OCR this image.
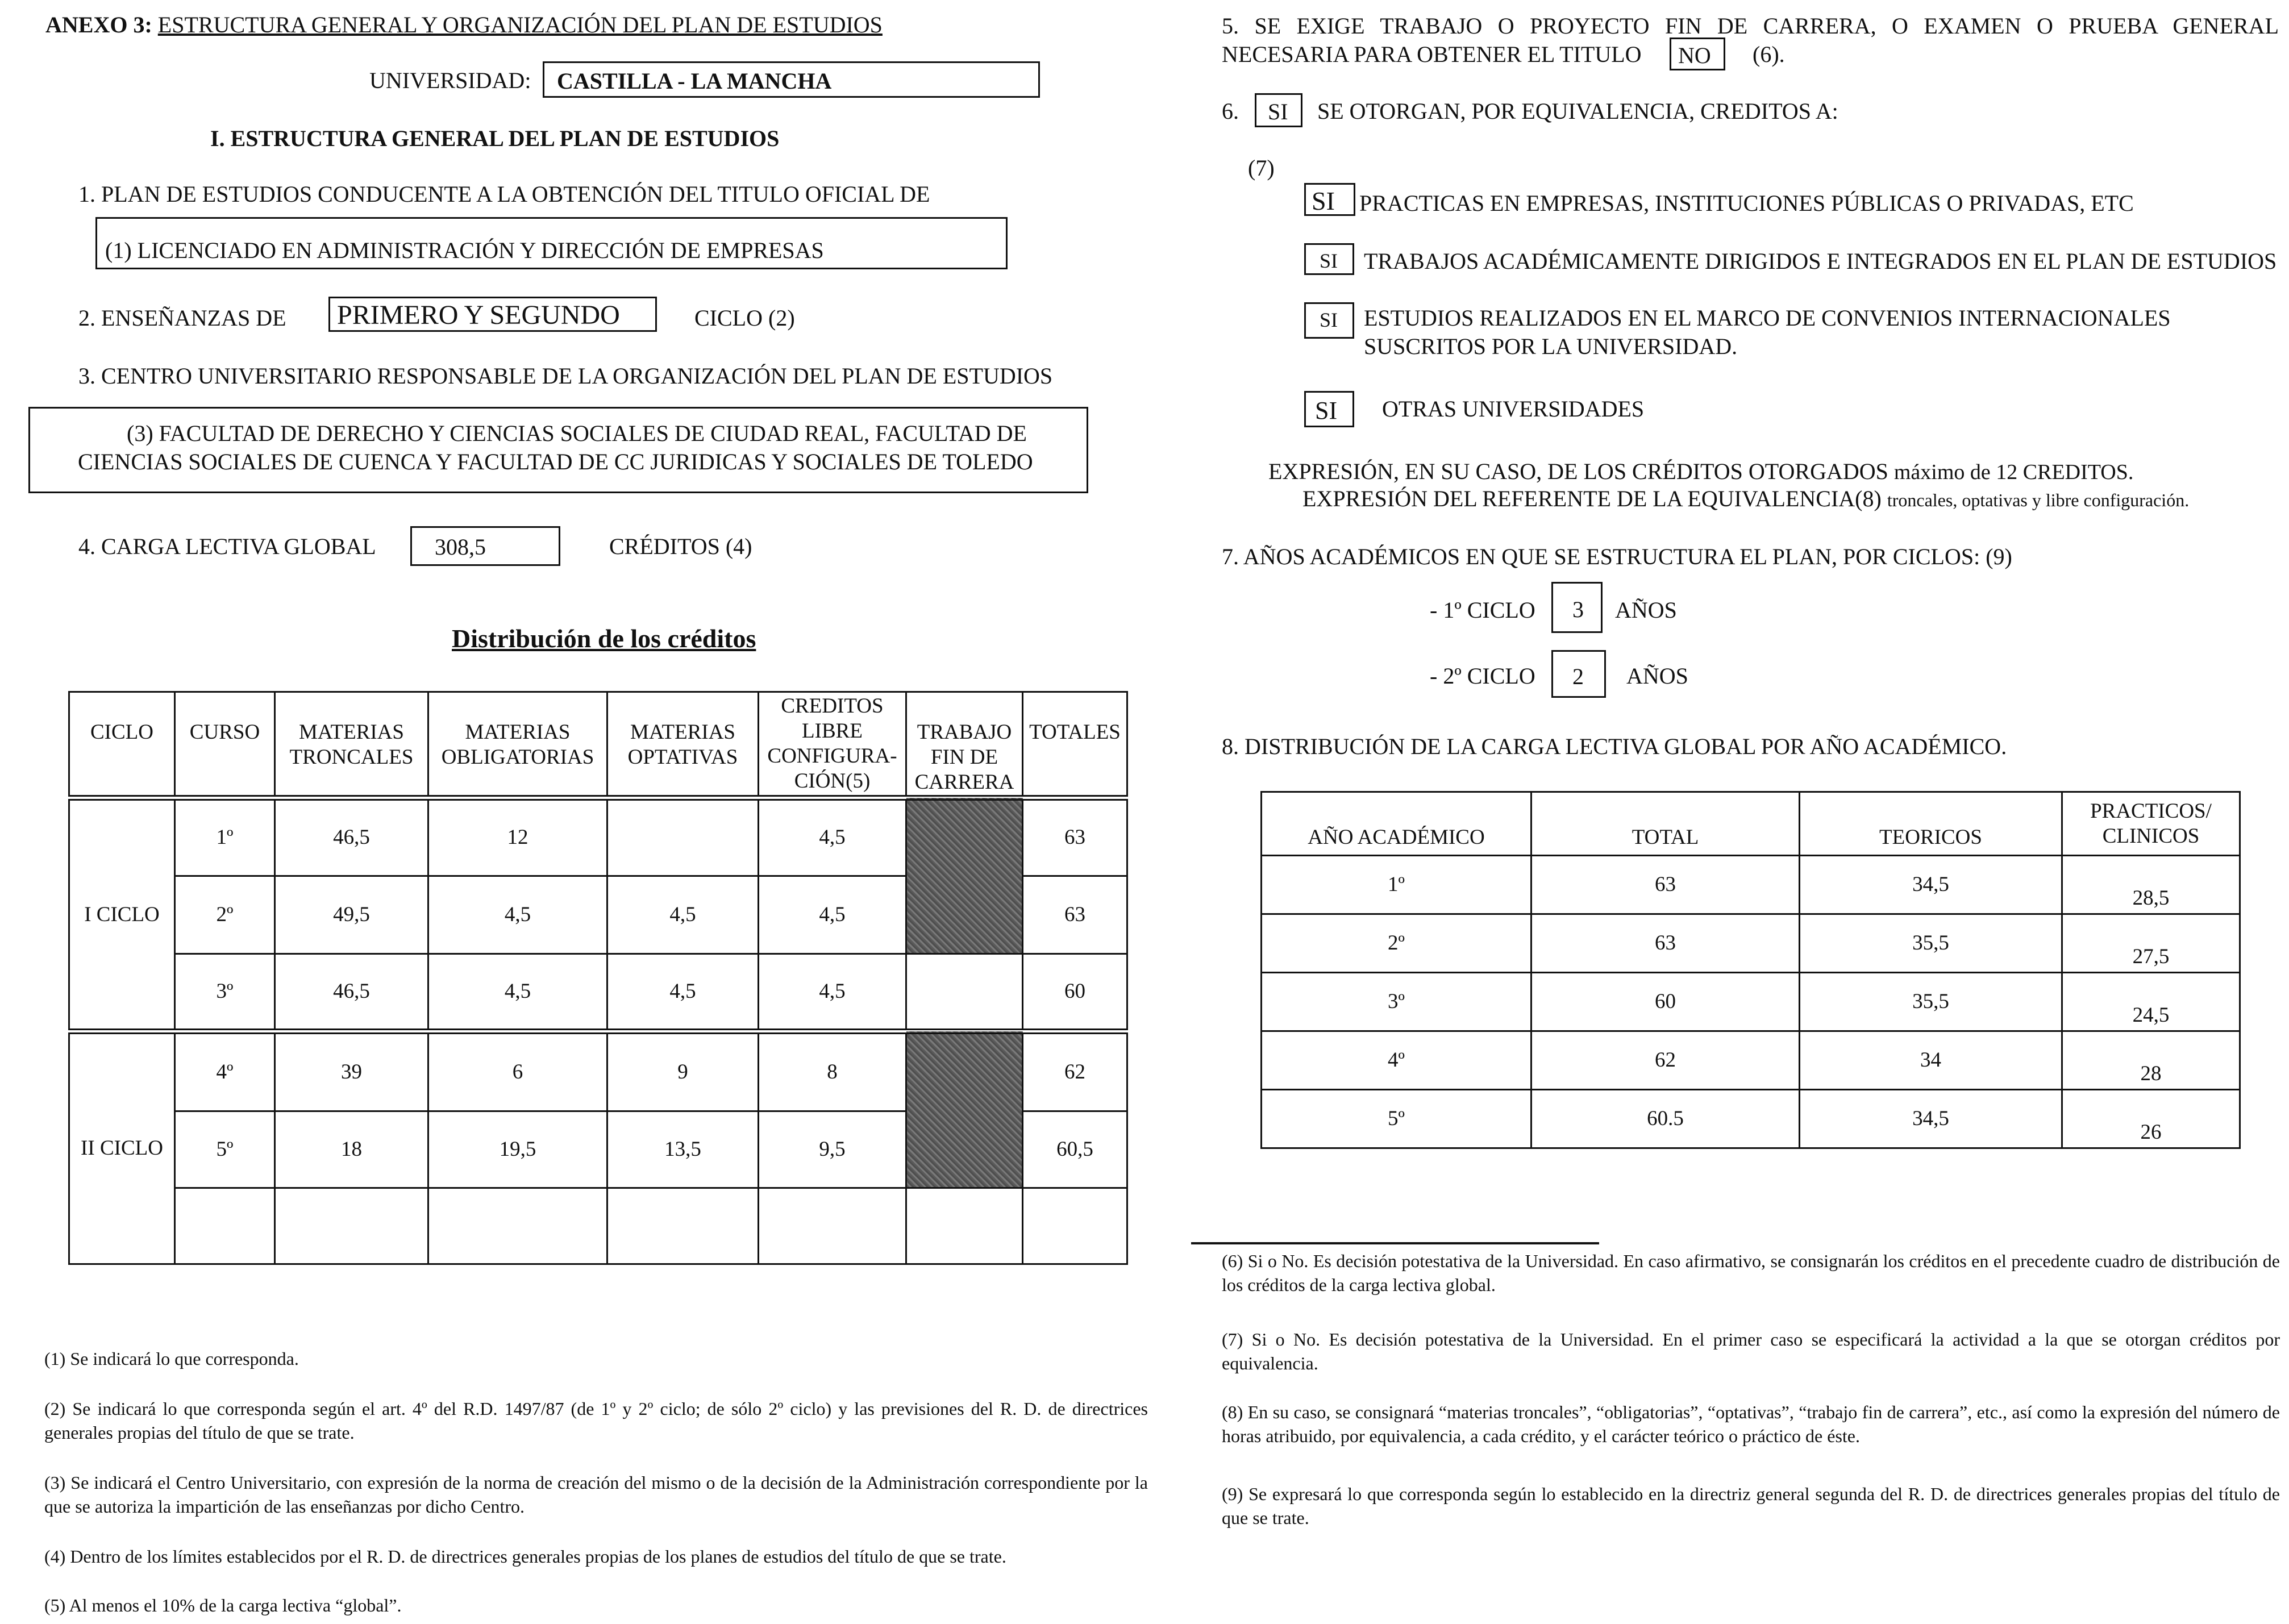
ANEXO 3: ESTRUCTURA GENERAL Y ORGANIZACIÓN DEL PLAN DE ESTUDIOS
UNIVERSIDAD: CASTILLA - LA MANCHA
I. ESTRUCTURA GENERAL DEL PLAN DE ESTUDIOS
1. PLAN DE ESTUDIOS CONDUCENTE A LA OBTENCIÓN DEL TITULO OFICIAL DE
(1) LICENCIADO EN ADMINISTRACIÓN Y DIRECCIÓN DE EMPRESAS
2. ENSEÑANZAS DE PRIMERO Y SEGUNDO	CICLO (2)
3. CENTRO UNIVERSITARIO RESPONSABLE DE LA ORGANIZACIÓN DEL PLAN DE ESTUDIOS
(3) FACULTAD DE DERECHO Y CIENCIAS SOCIALES DE CIUDAD REAL, FACULTAD DE
CIENCIAS SOCIALES DE CUENCA Y FACULTAD DE CC JURIDICAS Y SOCIALES DE TOLEDO
4. CARGA LECTIVA GLOBAL	308,5	CRÉDITOS (4)
Distribución de los créditos
CICLO	CURSO	MATERIAS TRONCALES	MATERIAS OBLIGATORIAS	MATERIAS OPTATIVAS	CREDITOS LIBRE CONFIGURA-CIÓN(5)	TRABAJO FIN DE CARRERA	TOTALES
I CICLO	1º	46,5	12		4,5		63
	2º	49,5	4,5	4,5	4,5		63
	3º	46,5	4,5	4,5	4,5		60
II CICLO	4º	39	6	9	8		62
	5º	18	19,5	13,5	9,5		60,5

(1) Se indicará lo que corresponda.
(2) Se indicará lo que corresponda según el art. 4º del R.D. 1497/87 (de 1º y 2º ciclo; de sólo 2º ciclo) y las previsiones del R. D. de directrices generales propias del título de que se trate.
(3) Se indicará el Centro Universitario, con expresión de la norma de creación del mismo o de la decisión de la Administración correspondiente por la que se autoriza la impartición de las enseñanzas por dicho Centro.
(4) Dentro de los límites establecidos por el R. D. de directrices generales propias de los planes de estudios del título de que se trate.
(5) Al menos el 10% de la carga lectiva “global”.
5. SE EXIGE TRABAJO O PROYECTO FIN DE CARRERA, O EXAMEN O PRUEBA GENERAL
NECESARIA PARA OBTENER EL TITULO NO (6).
6. SI SE OTORGAN, POR EQUIVALENCIA, CREDITOS A:
(7)
SI PRACTICAS EN EMPRESAS, INSTITUCIONES PÚBLICAS O PRIVADAS, ETC
SI TRABAJOS ACADÉMICAMENTE DIRIGIDOS E INTEGRADOS EN EL PLAN DE ESTUDIOS
SI ESTUDIOS REALIZADOS EN EL MARCO DE CONVENIOS INTERNACIONALES
SUSCRITOS POR LA UNIVERSIDAD.
SI OTRAS UNIVERSIDADES
EXPRESIÓN, EN SU CASO, DE LOS CRÉDITOS OTORGADOS máximo de 12 CREDITOS.
EXPRESIÓN DEL REFERENTE DE LA EQUIVALENCIA(8) troncales, optativas y libre configuración.
7. AÑOS ACADÉMICOS EN QUE SE ESTRUCTURA EL PLAN, POR CICLOS: (9)
- 1º CICLO 3 AÑOS
- 2º CICLO 2 AÑOS
8. DISTRIBUCIÓN DE LA CARGA LECTIVA GLOBAL POR AÑO ACADÉMICO.
AÑO ACADÉMICO	TOTAL	TEORICOS	PRACTICOS/ CLINICOS
1º	63	34,5	28,5
2º	63	35,5	27,5
3º	60	35,5	24,5
4º	62	34	28
5º	60.5	34,5	26
(6) Si o No. Es decisión potestativa de la Universidad. En caso afirmativo, se consignarán los créditos en el precedente cuadro de distribución de los créditos de la carga lectiva global.
(7) Si o No. Es decisión potestativa de la Universidad. En el primer caso se especificará la actividad a la que se otorgan créditos por equivalencia.
(8) En su caso, se consignará “materias troncales”, “obligatorias”, “optativas”, “trabajo fin de carrera”, etc., así como la expresión del número de horas atribuido, por equivalencia, a cada crédito, y el carácter teórico o práctico de éste.
(9) Se expresará lo que corresponda según lo establecido en la directriz general segunda del R. D. de directrices generales propias del título de que se trate.
